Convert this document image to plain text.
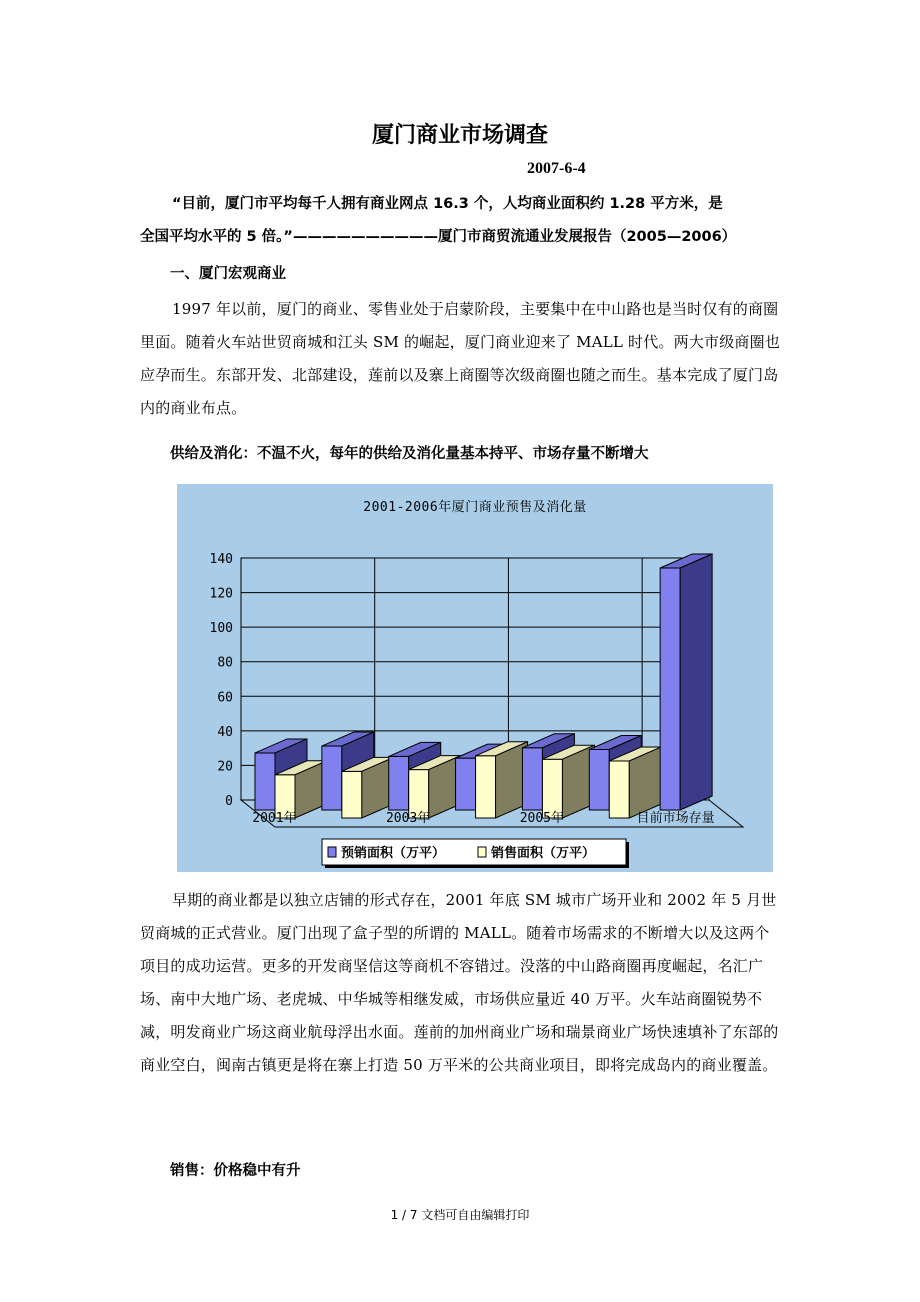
厦门商业市场调查
2007-6-4
“目前，厦门市平均每千人拥有商业网点 16.3 个，人均商业面积约 1.28 平方米，是
全国平均水平的 5 倍。”——————————厦门市商贸流通业发展报告（2005—2006）
一、厦门宏观商业
1997 年以前，厦门的商业、零售业处于启蒙阶段，主要集中在中山路也是当时仅有的商圈里面。随着火车站世贸商城和江头 SM 的崛起，厦门商业迎来了 MALL 时代。两大市级商圈也应孕而生。东部开发、北部建设，莲前以及寨上商圈等次级商圈也随之而生。基本完成了厦门岛内的商业布点。
供给及消化：不温不火，每年的供给及消化量基本持平、市场存量不断增大
2001-2006年厦门商业预售及消化量
0
20
40
60
80
100
120
140
2001年	2003年	2005年	目前市场存量
预销面积（万平）	销售面积（万平）
早期的商业都是以独立店铺的形式存在，2001 年底 SM 城市广场开业和 2002 年 5 月世贸商城的正式营业。厦门出现了盒子型的所谓的 MALL。随着市场需求的不断增大以及这两个项目的成功运营。更多的开发商坚信这等商机不容错过。没落的中山路商圈再度崛起，名汇广场、南中大地广场、老虎城、中华城等相继发威，市场供应量近 40 万平。火车站商圈锐势不减，明发商业广场这商业航母浮出水面。莲前的加州商业广场和瑞景商业广场快速填补了东部的商业空白，闽南古镇更是将在寨上打造 50 万平米的公共商业项目，即将完成岛内的商业覆盖。
销售：价格稳中有升
1 / 7 文档可自由编辑打印
